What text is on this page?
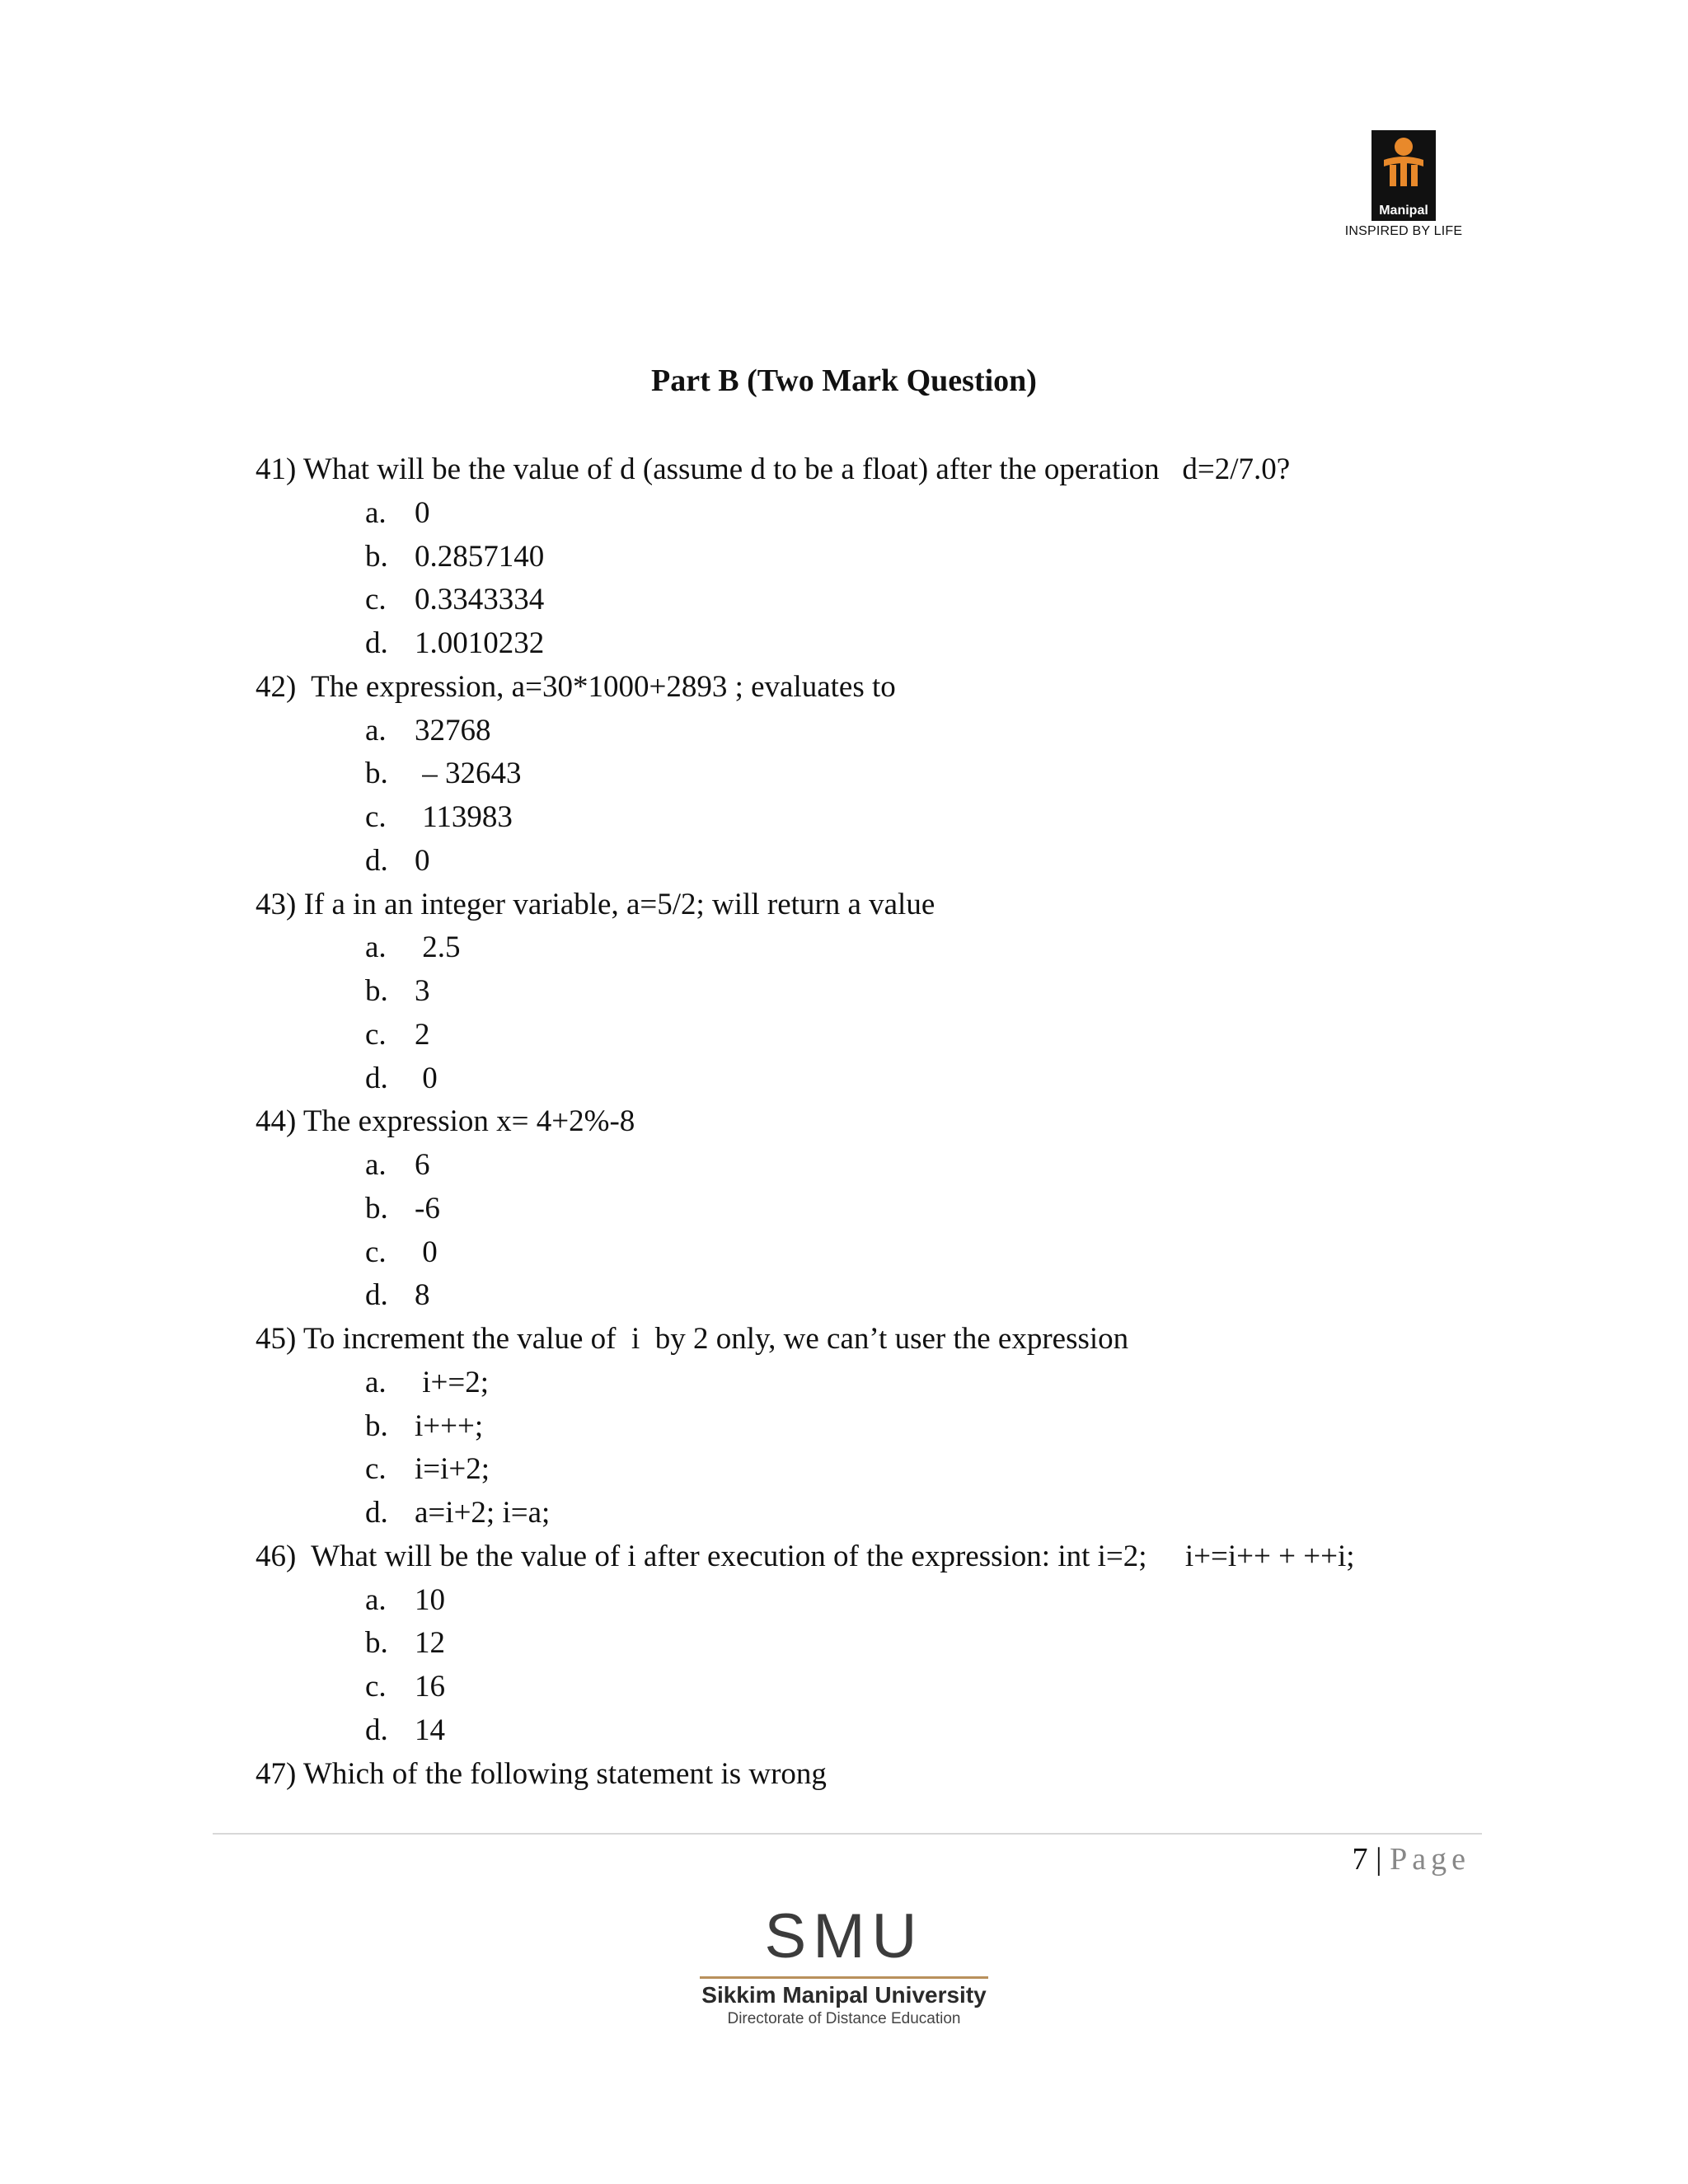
Manipal
INSPIRED BY LIFE
Part B (Two Mark Question)
41) What will be the value of d (assume d to be a float) after the operation   d=2/7.0?
a. 0
b. 0.2857140
c. 0.3343334
d. 1.0010232
42)  The expression, a=30*1000+2893 ; evaluates to
a. 32768
b. – 32643
c. 113983
d. 0
43) If a in an integer variable, a=5/2; will return a value
a. 2.5
b. 3
c. 2
d. 0
44) The expression x= 4+2%-8
a. 6
b. -6
c. 0
d. 8
45) To increment the value of  i  by 2 only, we can’t user the expression
a. i+=2;
b. i+++;
c. i=i+2;
d. a=i+2; i=a;
46)  What will be the value of i after execution of the expression: int i=2;     i+=i++ + ++i;
a. 10
b. 12
c. 16
d. 14
47) Which of the following statement is wrong
7 | Page
SMU
Sikkim Manipal University
Directorate of Distance Education
